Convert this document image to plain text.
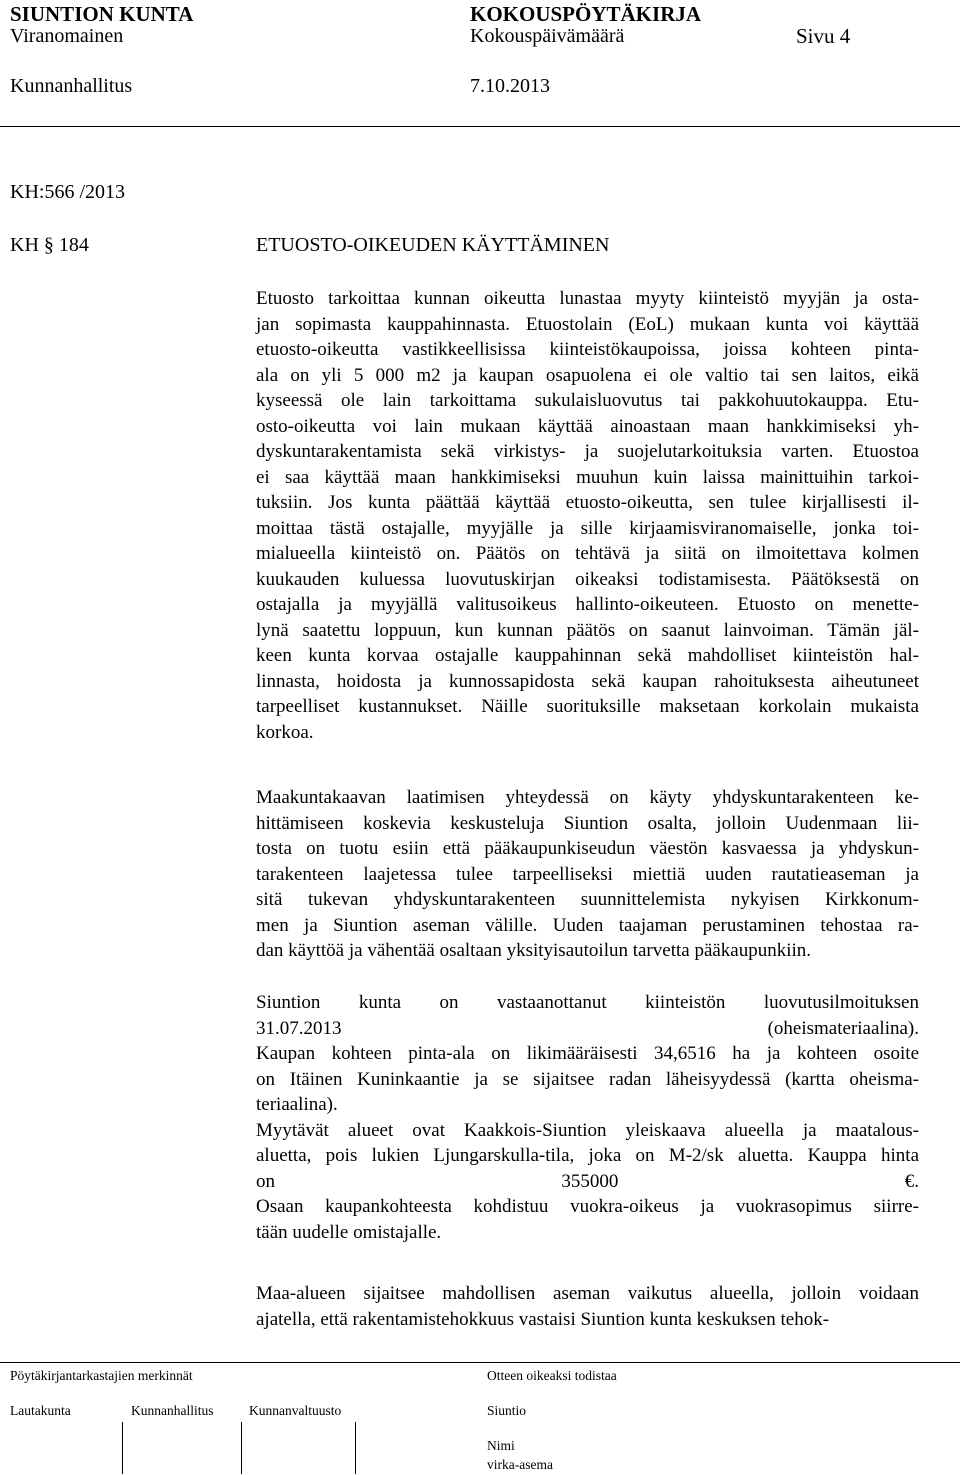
SIUNTION KUNTA	KOKOUSPÖYTÄKIRJA
Viranomainen	Kokouspäivämäärä	Sivu 4
Kunnanhallitus	7.10.2013
KH:566 /2013
KH § 184	ETUOSTO-OIKEUDEN KÄYTTÄMINEN
Etuosto tarkoittaa kunnan oikeutta lunastaa myyty kiinteistö myyjän ja osta-
jan sopimasta kauppahinnasta. Etuostolain (EoL) mukaan kunta voi käyttää
etuosto-oikeutta vastikkeellisissa kiinteistökaupoissa, joissa kohteen pinta-
ala on yli 5 000 m2 ja kaupan osapuolena ei ole valtio tai sen laitos, eikä
kyseessä ole lain tarkoittama sukulaisluovutus tai pakkohuutokauppa. Etu-
osto-oikeutta voi lain mukaan käyttää ainoastaan maan hankkimiseksi yh-
dyskuntarakentamista sekä virkistys- ja suojelutarkoituksia varten. Etuostoa
ei saa käyttää maan hankkimiseksi muuhun kuin laissa mainittuihin tarkoi-
tuksiin. Jos kunta päättää käyttää etuosto-oikeutta, sen tulee kirjallisesti il-
moittaa tästä ostajalle, myyjälle ja sille kirjaamisviranomaiselle, jonka toi-
mialueella kiinteistö on. Päätös on tehtävä ja siitä on ilmoitettava kolmen
kuukauden kuluessa luovutuskirjan oikeaksi todistamisesta. Päätöksestä on
ostajalla ja myyjällä valitusoikeus hallinto-oikeuteen. Etuosto on menette-
lynä saatettu loppuun, kun kunnan päätös on saanut lainvoiman. Tämän jäl-
keen kunta korvaa ostajalle kauppahinnan sekä mahdolliset kiinteistön hal-
linnasta, hoidosta ja kunnossapidosta sekä kaupan rahoituksesta aiheutuneet
tarpeelliset kustannukset. Näille suorituksille maksetaan korkolain mukaista
korkoa.
Maakuntakaavan laatimisen yhteydessä on käyty yhdyskuntarakenteen ke-
hittämiseen koskevia keskusteluja Siuntion osalta, jolloin Uudenmaan lii-
tosta on tuotu esiin että pääkaupunkiseudun väestön kasvaessa ja yhdyskun-
tarakenteen laajetessa tulee tarpeelliseksi miettiä uuden rautatieaseman ja
sitä tukevan yhdyskuntarakenteen suunnittelemista nykyisen Kirkkonum-
men ja Siuntion aseman välille. Uuden taajaman perustaminen tehostaa ra-
dan käyttöä ja vähentää osaltaan yksityisautoilun tarvetta pääkaupunkiin.
Siuntion kunta on vastaanottanut kiinteistön luovutusilmoituksen
31.07.2013 (oheismateriaalina).
Kaupan kohteen pinta-ala on likimääräisesti 34,6516 ha ja kohteen osoite
on Itäinen Kuninkaantie ja se sijaitsee radan läheisyydessä (kartta oheisma-
teriaalina).
Myytävät alueet ovat Kaakkois-Siuntion yleiskaava alueella ja maatalous-
aluetta, pois lukien Ljungarskulla-tila, joka on M-2/sk aluetta. Kauppa hinta
on 355000 €.
Osaan kaupankohteesta kohdistuu vuokra-oikeus ja vuokrasopimus siirre-
tään uudelle omistajalle.
Maa-alueen sijaitsee mahdollisen aseman vaikutus alueella, jolloin voidaan
ajatella, että rakentamistehokkuus vastaisi Siuntion kunta keskuksen tehok-
Pöytäkirjantarkastajien merkinnät	Otteen oikeaksi todistaa
Lautakunta	Kunnanhallitus	Kunnanvaltuusto	Siuntio
Nimi
virka-asema
